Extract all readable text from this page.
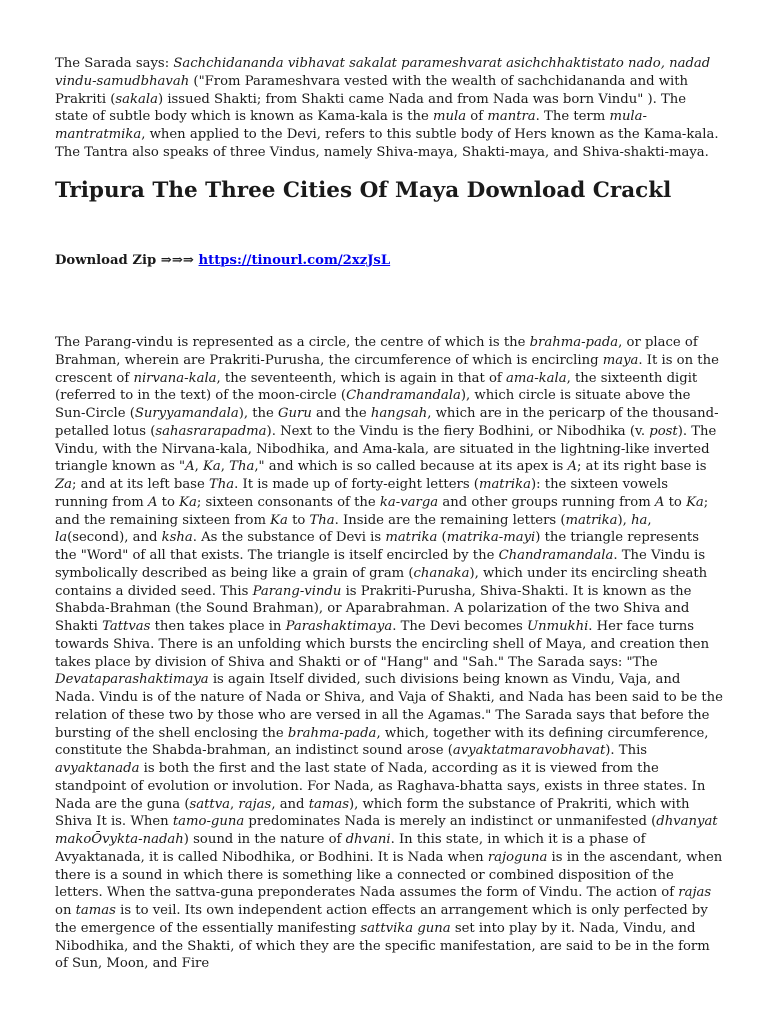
The Sarada says: Sachchidananda vibhavat sakalat parameshvarat asichchhaktistato nado, nadad vindu-samudbhavah ("From Parameshvara vested with the wealth of sachchidananda and with Prakriti (sakala) issued Shakti; from Shakti came Nada and from Nada was born Vindu" ). The state of subtle body which is known as Kama-kala is the mula of mantra. The term mula-mantratmika, when applied to the Devi, refers to this subtle body of Hers known as the Kama-kala. The Tantra also speaks of three Vindus, namely Shiva-maya, Shakti-maya, and Shiva-shakti-maya.

Tripura The Three Cities Of Maya Download Crackl

Download Zip ⇒⇒⇒ https://tinourl.com/2xzJsL

The Parang-vindu is represented as a circle, the centre of which is the brahma-pada, or place of Brahman, wherein are Prakriti-Purusha, the circumference of which is encircling maya. It is on the crescent of nirvana-kala, the seventeenth, which is again in that of ama-kala, the sixteenth digit (referred to in the text) of the moon-circle (Chandramandala), which circle is situate above the Sun-Circle (Suryyamandala), the Guru and the hangsah, which are in the pericarp of the thousand-petalled lotus (sahasrarapadma). Next to the Vindu is the fiery Bodhini, or Nibodhika (v. post). The Vindu, with the Nirvana-kala, Nibodhika, and Ama-kala, are situated in the lightning-like inverted triangle known as "A, Ka, Tha," and which is so called because at its apex is A; at its right base is Za; and at its left base Tha. It is made up of forty-eight letters (matrika): the sixteen vowels running from A to Ka; sixteen consonants of the ka-varga and other groups running from A to Ka; and the remaining sixteen from Ka to Tha. Inside are the remaining letters (matrika), ha, la(second), and ksha. As the substance of Devi is matrika (matrika-mayi) the triangle represents the "Word" of all that exists. The triangle is itself encircled by the Chandramandala. The Vindu is symbolically described as being like a grain of gram (chanaka), which under its encircling sheath contains a divided seed. This Parang-vindu is Prakriti-Purusha, Shiva-Shakti. It is known as the Shabda-Brahman (the Sound Brahman), or Aparabrahman. A polarization of the two Shiva and Shakti Tattvas then takes place in Parashaktimaya. The Devi becomes Unmukhi. Her face turns towards Shiva. There is an unfolding which bursts the encircling shell of Maya, and creation then takes place by division of Shiva and Shakti or of "Hang" and "Sah." The Sarada says: "The Devataparashaktimaya is again Itself divided, such divisions being known as Vindu, Vaja, and Nada. Vindu is of the nature of Nada or Shiva, and Vaja of Shakti, and Nada has been said to be the relation of these two by those who are versed in all the Agamas." The Sarada says that before the bursting of the shell enclosing the brahma-pada, which, together with its defining circumference, constitute the Shabda-brahman, an indistinct sound arose (avyaktatmaravobhavat). This avyaktanada is both the first and the last state of Nada, according as it is viewed from the standpoint of evolution or involution. For Nada, as Raghava-bhatta says, exists in three states. In Nada are the guna (sattva, rajas, and tamas), which form the substance of Prakriti, which with Shiva It is. When tamo-guna predominates Nada is merely an indistinct or unmanifested (dhvanyat makoŌvykta-nadah) sound in the nature of dhvani. In this state, in which it is a phase of Avyaktanada, it is called Nibodhika, or Bodhini. It is Nada when rajoguna is in the ascendant, when there is a sound in which there is something like a connected or combined disposition of the letters. When the sattva-guna preponderates Nada assumes the form of Vindu. The action of rajas on tamas is to veil. Its own independent action effects an arrangement which is only perfected by the emergence of the essentially manifesting sattvika guna set into play by it. Nada, Vindu, and Nibodhika, and the Shakti, of which they are the specific manifestation, are said to be in the form of Sun, Moon, and Fire
